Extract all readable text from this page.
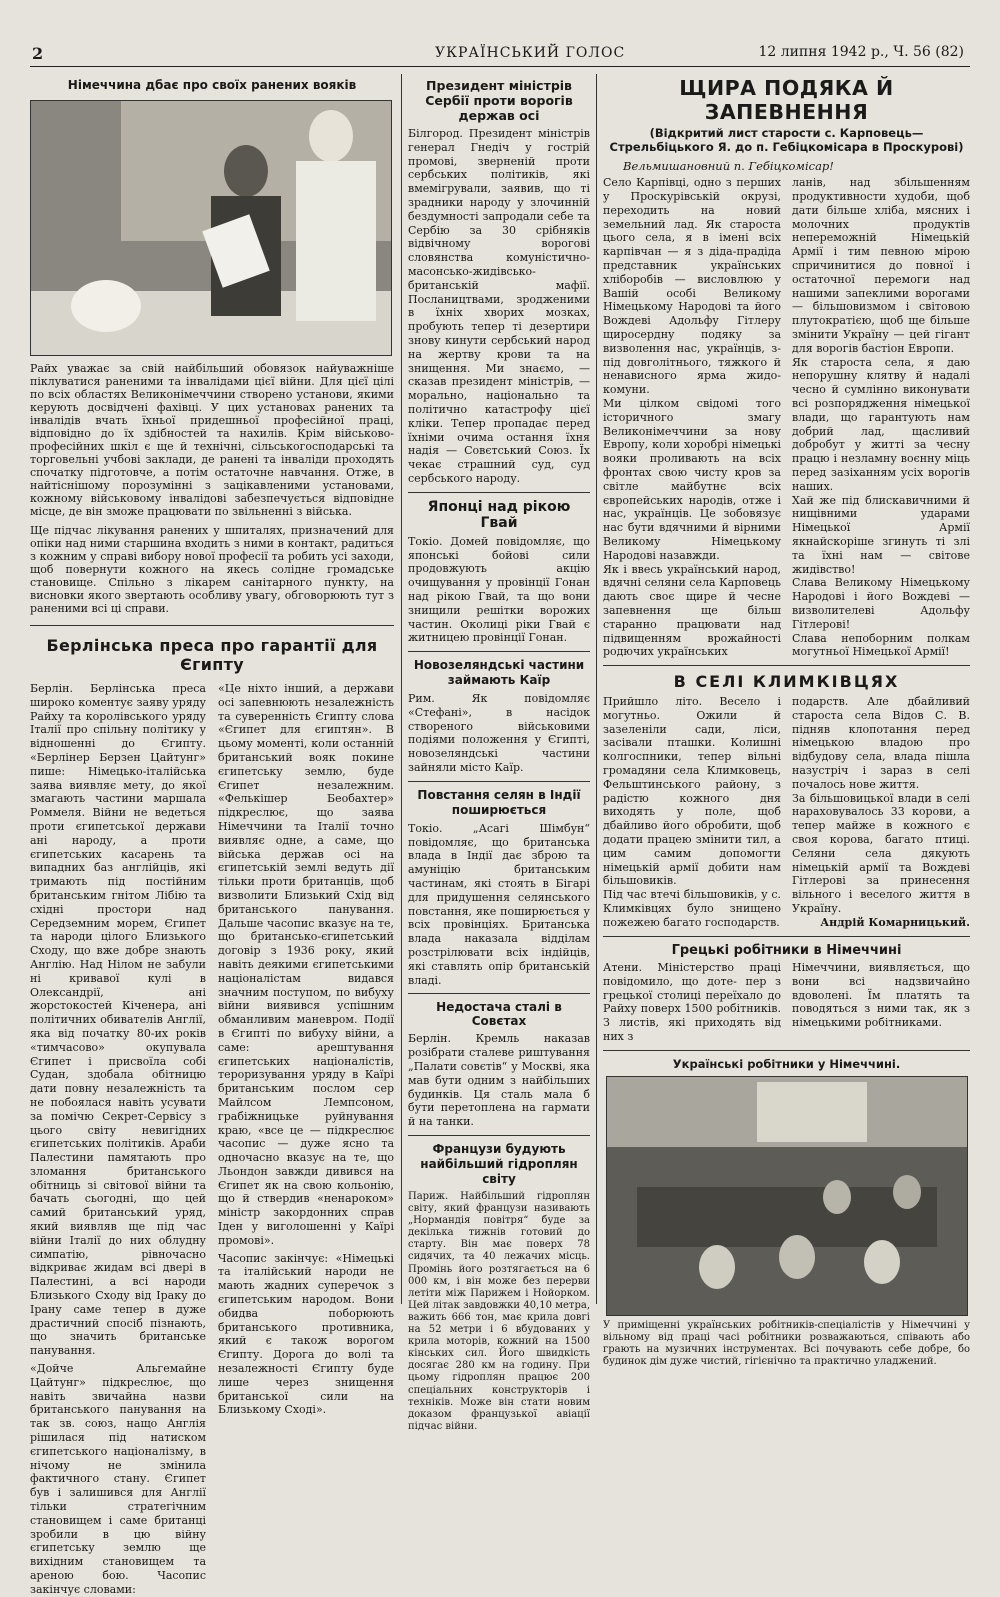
2	УКРАЇНСЬКИЙ ГОЛОС	12 липня 1942 р., Ч. 56 (82)
Німеччина дбає про своїх ранених вояків

Райх уважає за свій найбільший обовязок найуважніше піклуватися раненими та інвалідами цієї війни. Для цієї цілі по всіх областях Великонімеччини створено установи, якими керують досвідчені фахівці. У цих установах ранених та інвалідів вчать їхньої придешньої професійної праці, відповідно до їх здібностей та нахилів. Крім військово-професійних шкіл є ще й технічні, сільськогосподарські та торговельні учбові заклади, де ранені та інваліди проходять спочатку підготовче, а потім остаточне навчання. Отже, в найтіснішому порозумінні з зацікавленими установами, кожному військовому інвалідові забезпечується відповідне місце, де він зможе працювати по звільненні з війська.

Ще підчас лікування ранених у шпиталях, призначений для опіки над ними старшина входить з ними в контакт, радиться з кожним у справі вибору нової професії та робить усі заходи, щоб повернути кожного на якесь солідне громадське становище. Спільно з лікарем санітарного пункту, на висновки якого звертають особливу увагу, обговорюють тут з раненими всі ці справи.

Берлінська преса про гарантії для Єгипту

Берлін. Берлінська преса широко коментує заяву уряду Райху та королівського уряду Італії про спільну політику у відношенні до Єгипту. «Берлінер Берзен Цайтунг» пише: Німецько-італійська заява виявляє мету, до якої змагають частини маршала Роммеля. Війни не ведеться проти єгипетської держави ані народу, а проти єгипетських касарень та випадних баз англійців, які тримають під постійним британським гнітом Лібію та східні простори над Середземним морем, Єгипет та народи цілого Близького Сходу, що вже добре знають Англію. Над Нілом не забули ні кривавої кулі в Олександрії, ані жорстокостей Кіченера, ані політичних обивателів Англії, яка від початку 80-их років «тимчасово» окупувала Єгипет і присвоїла собі Судан, здобала обітницю дати повну незалежність та не побоялася навіть усувати за помічю Секрет-Сервісу з цього світу невигідних єгипетських політиків. Араби Палестини памятають про зломання британського обітниць зі світової війни та бачать сьогодні, що цей самий британський уряд, який виявляв ще під час війни Італії до них облудну симпатію, рівночасно відкриває жидам всі двері в Палестині, а всі народи Близького Сходу від Іраку до Ірану саме тепер в дуже драстичний спосіб пізнають, що значить британське панування.

«Дойче Альгемайне Цайтунг» підкреслює, що навіть звичайна назви британського панування на так зв. союз, нащо Англія рішилася під натиском єгипетського націоналізму, в нічому не змінила фактичного стану. Єгипет був і залишився для Англії тільки стратегічним становищем і саме британці зробили в цю війну єгипетську землю ще вихідним становищем та ареною бою. Часопис закінчує словами:

«Це ніхто інший, а держави осі запевнюють незалежність та суверенність Єгипту слова «Єгипет для єгиптян». В цьому моменті, коли останній британський вояк покине єгипетську землю, буде Єгипет незалежним. «Фелькішер Беобахтер» підкреслює, що заява Німеччини та Італії точно виявляє одне, а саме, що війська держав осі на єгипетській землі ведуть дії тільки проти британців, щоб визволити Близький Схід від британського панування. Дальше часопис вказує на те, що британсько-єгипетський договір з 1936 року, який навіть деякими єгипетськими націоналістам видався значним поступом, по вибуху війни виявився успішним обманливим маневром. Події в Єгипті по вибуху війни, а саме: арештування єгипетських націоналістів, тероризування уряду в Каїрі британським послом сер Майлсом Лемпсоном, грабіжницьке руйнування краю, «все це — підкреслює часопис — дуже ясно та одночасно вказує на те, що Льондон завжди дивився на Єгипет як на свою кольонію, що й ствердив «ненароком» міністр закордонних справ Іден у виголошенні у Каїрі промові».

Часопис закінчує: «Німецькі та італійський народи не мають жадних суперечок з єгипетським народом. Вони обидва поборюють британського противника, який є також ворогом Єгипту. Дорога до волі та незалежності Єгипту буде лише через знищення британської сили на Близькому Сході».

Президент міністрів Сербії проти ворогів держав осі

Білгород. Президент міністрів генерал Гнедіч у гострій промові, зверненій проти сербських політиків, які вмемігрували, заявив, що ті зрадники народу у злочинній бездумності запродали себе та Сербію за 30 срібняків відвічному ворогові словянства комуністично-масонсько-жидівсько-британській мафії. Послаництвами, зродженими в їхніх хворих мозках, пробують тепер ті дезертири знову кинути сербський народ на жертву крови та на знищення. Ми знаємо, — сказав президент міністрів, — морально, національно та політично катастрофу цієї кліки. Тепер пропадає перед їхніми очима остання їхня надія — Совєтський Союз. Їх чекає страшний суд, суд сербського народу.

Японці над рікою Гвай

Токіо. Домей повідомляє, що японські бойові сили продовжують акцію очищування у провінції Гонан над рікою Гвай, та що вони знищили решітки ворожих частин. Околиці ріки Гвай є житницею провінції Гонан.

Новозеляндські частини займають Каїр

Рим. Як повідомляє «Стефані», в насідок створеного військовими подіями положення у Єгипті, новозеляндські частини зайняли місто Каїр.

Повстання селян в Індії поширюється

Токіо. „Асагі Шімбун“ повідомляє, що британська влада в Індії дає зброю та амуніцію британським частинам, які стоять в Бігарі для придушення селянського повстання, яке поширюється у всіх провінціях. Британська влада наказала відділам розстрілювати всіх індійців, які ставлять опір британській владі.

Недостача сталі в Совєтах

Берлін. Кремль наказав розібрати сталеве риштування „Палати совєтів“ у Москві, яка мав бути одним з найбільших будинків. Ця сталь мала б бути перетоплена на гармати й на танки.

Французи будують найбільший гідроплян світу

Париж. Найбільший гідроплян світу, який французи називають „Нормандія повітря“ буде за декілька тижнів готовий до старту. Він має поверх 78 сидячих, та 40 лежачих місць. Промінь його розтягається на 6 000 км, і він може без перерви летіти між Парижем і Нойорком. Цей літак завдовжки 40,10 метра, важить 666 тон, має крила довгі на 52 метри і 6 вбудованих у крила моторів, кожний на 1500 кінських сил. Його швидкість досягає 280 км на годину. При цьому гідроплян працює 200 спеціальних конструкторів і техніків. Може він стати новим доказом французької авіації підчас війни.

ЩИРА ПОДЯКА Й ЗАПЕВНЕННЯ
(Відкритий лист старости с. Карповець—Стрельбіцького Я. до п. Гебіцкомісара в Проскурові)

Вельмишановний п. Гебіцкомісар!

Село Карпівці, одно з перших у Проскурівській окрузі, переходить на новий земельний лад. Як староста цього села, я в імені всіх карпівчан — я з діда-прадіда представник українських хліборобів — висловлюю у Вашій особі Великому Німецькому Народові та його Вождеві Адольфу Гітлеру щиросердну подяку за визволення нас, українців, з-під довголітнього, тяжкого й ненависного ярма жидо-комуни.

Ми цілком свідомі того історичного змагу Великонімеччини за нову Европу, коли хоробрі німецькі вояки проливають на всіх фронтах свою чисту кров за світле майбутнє всіх європейських народів, отже і нас, українців. Це зобовязує нас бути вдячними й вірними Великому Німецькому Народові назавжди.

Як і ввесь український народ, вдячні селяни села Карповець дають своє щире й чесне запевнення ще більш старанно працювати над підвищенням врожайності родючих українських

ланів, над збільшенням продуктивности худоби, щоб дати більше хліба, мясних і молочних продуктів непереможній Німецькій Армії і тим певною мірою спричинитися до повної і остаточної перемоги над нашими запеклими ворогами — більшовизмом і світовою плутократією, щоб ще більше змінити Україну — цей гігант для ворогів бастіон Европи.

Як староста села, я даю непорушну клятву й надалі чесно й сумлінно виконувати всі розпорядження німецької влади, що гарантують нам добрий лад, щасливий добробут у житті за чесну працю і незламну воєнну міць перед зазіханням усіх ворогів наших.

Хай же під блискавичними й нищівними ударами Німецької Армії якнайскоріше згинуть ті злі та їхні нам — світове жидівство!

Слава Великому Німецькому Народові і його Вождеві — визволителеві Адольфу Гітлерові!

Слава непоборним полкам могутньої Німецької Армії!

В СЕЛІ КЛИМКІВЦЯХ

Прийшло літо. Весело і могутньо. Ожили й зазеленіли сади, ліси, засівали пташки. Колишні колгоспники, тепер вільні громадяни села Климковець, Фельштинського району, з радістю кожного дня виходять у поле, щоб дбайливо його обробити, щоб додати працею змінити тил, а цим самим допомогти німецькій армії добити нам більшовиків.

Під час втечі більшовиків, у с. Климківцях було знищено пожежею багато господарств.

подарств. Але дбайливий староста села Відов С. В. підняв клопотання перед німецькою владою про відбудову села, влада пішла назустріч і зараз в селі почалось нове життя.

За більшовицької влади в селі нараховувалось 33 корови, а тепер майже в кожного є своя корова, багато птиці. Селяни села дякують німецькій армії та Вождеві Гітлерові за принесення вільного і веселого життя в Україну.

Андрій Комарницький.

Грецькі робітники в Німеччині

Атени. Міністерство праці повідомило, що доте- пер з грецької столиці переїхало до Райху поверх 1500 робітників. З листів, які приходять від них з

Німеччини, виявляється, що вони всі надзвичайно вдоволені. Їм платять та поводяться з ними так, як з німецькими робітниками.

Українські робітники у Німеччині.

У приміщенні українських робітників-спеціалістів у Німеччині у вільному від праці часі робітники розважаються, співають або грають на музичних інструментах. Всі почувають себе добре, бо будинок дім дуже чистий, гігієнічно та практично уладжений.
